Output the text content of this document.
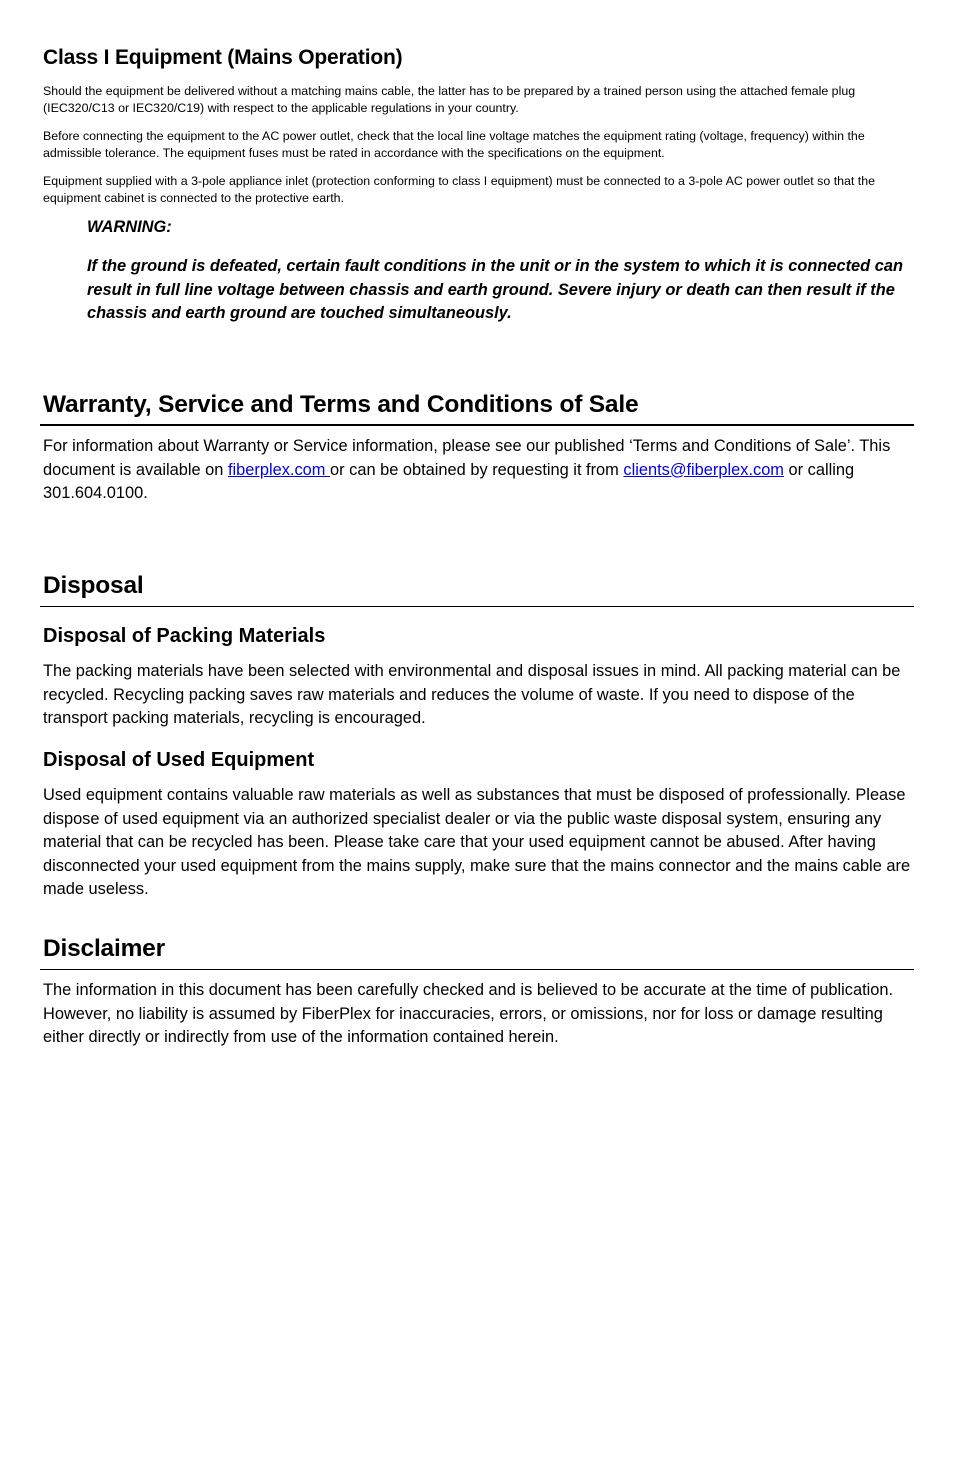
Class I Equipment (Mains Operation)

Should the equipment be delivered without a matching mains cable, the latter has to be prepared by a trained person using the attached female plug (IEC320/C13 or IEC320/C19) with respect to the applicable regulations in your country.

Before connecting the equipment to the AC power outlet, check that the local line voltage matches the equipment rating (voltage, frequency) within the admissible tolerance. The equipment fuses must be rated in accordance with the specifications on the equipment.

Equipment supplied with a 3-pole appliance inlet (protection conforming to class I equipment) must be connected to a 3-pole AC power outlet so that the equipment cabinet is connected to the protective earth.

WARNING:

If the ground is defeated, certain fault conditions in the unit or in the system to which it is connected can result in full line voltage between chassis and earth ground. Severe injury or death can then result if the chassis and earth ground are touched simultaneously.

Warranty, Service and Terms and Conditions of Sale

For information about Warranty or Service information, please see our published ‘Terms and Conditions of Sale’. This document is available on fiberplex.com or can be obtained by requesting it from clients@fiberplex.com or calling 301.604.0100.

Disposal
Disposal of Packing Materials

The packing materials have been selected with environmental and disposal issues in mind. All packing material can be recycled. Recycling packing saves raw materials and reduces the volume of waste. If you need to dispose of the transport packing materials, recycling is encouraged.

Disposal of Used Equipment

Used equipment contains valuable raw materials as well as substances that must be disposed of professionally. Please dispose of used equipment via an authorized specialist dealer or via the public waste disposal system, ensuring any material that can be recycled has been. Please take care that your used equipment cannot be abused. After having disconnected your used equipment from the mains supply, make sure that the mains connector and the mains cable are made useless.

Disclaimer

The information in this document has been carefully checked and is believed to be accurate at the time of publication. However, no liability is assumed by FiberPlex for inaccuracies, errors, or omissions, nor for loss or damage resulting either directly or indirectly from use of the information contained herein.
